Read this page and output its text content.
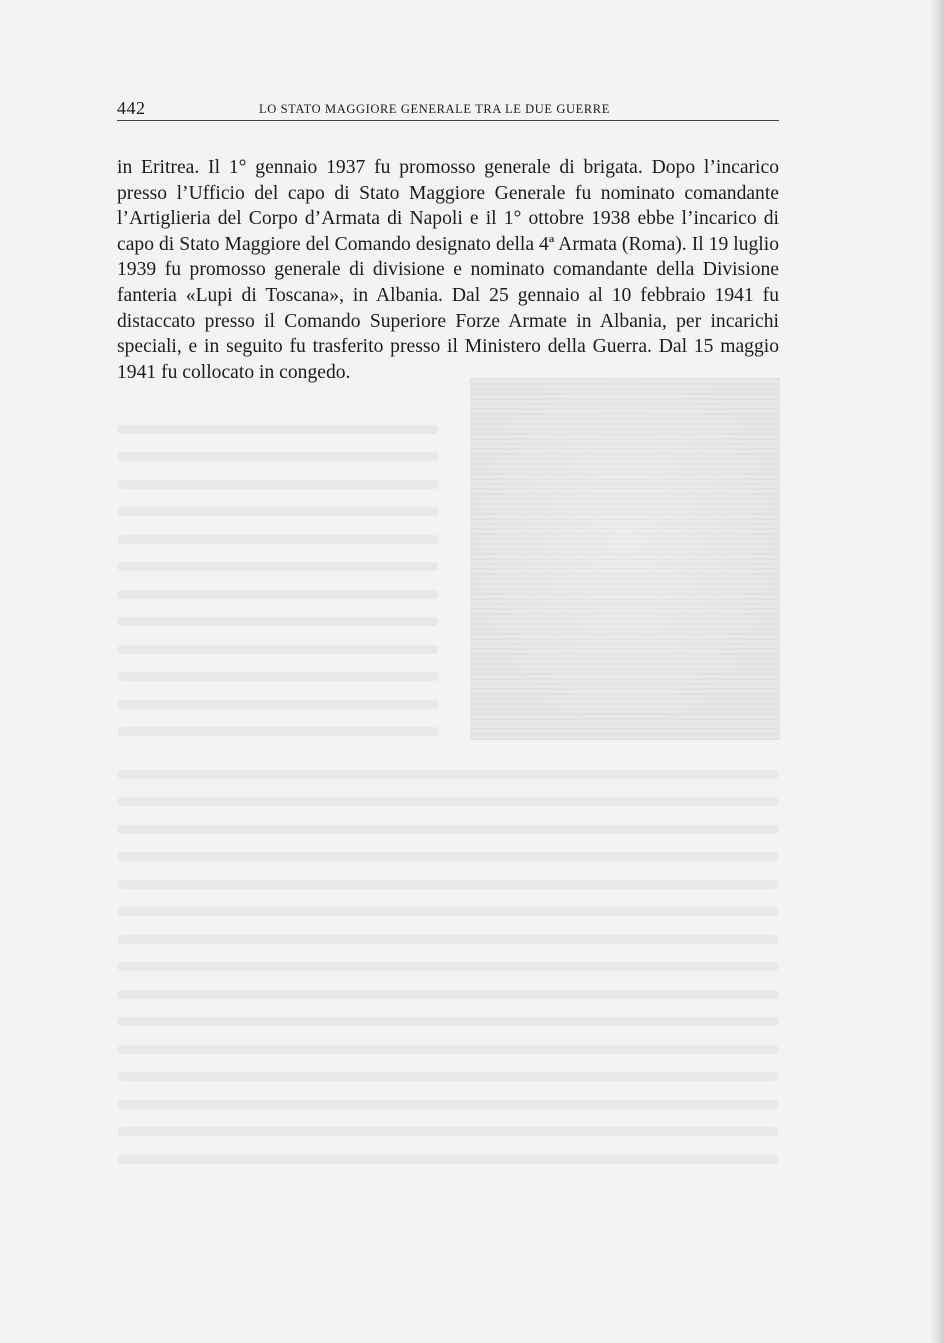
442	LO STATO MAGGIORE GENERALE TRA LE DUE GUERRE

in Eritrea. Il 1° gennaio 1937 fu promosso generale di brigata. Dopo l’incarico presso l’Ufficio del capo di Stato Maggiore Generale fu nominato comandante l’Artiglieria del Corpo d’Armata di Napoli e il 1° ottobre 1938 ebbe l’incarico di capo di Stato Maggiore del Comando designato della 4ª Armata (Roma). Il 19 luglio 1939 fu promosso generale di divisione e nominato comandante della Divisione fanteria «Lupi di Toscana», in Albania. Dal 25 gennaio al 10 febbraio 1941 fu distaccato presso il Comando Superiore Forze Armate in Albania, per incarichi speciali, e in seguito fu trasferito presso il Ministero della Guerra. Dal 15 maggio 1941 fu collocato in congedo.
